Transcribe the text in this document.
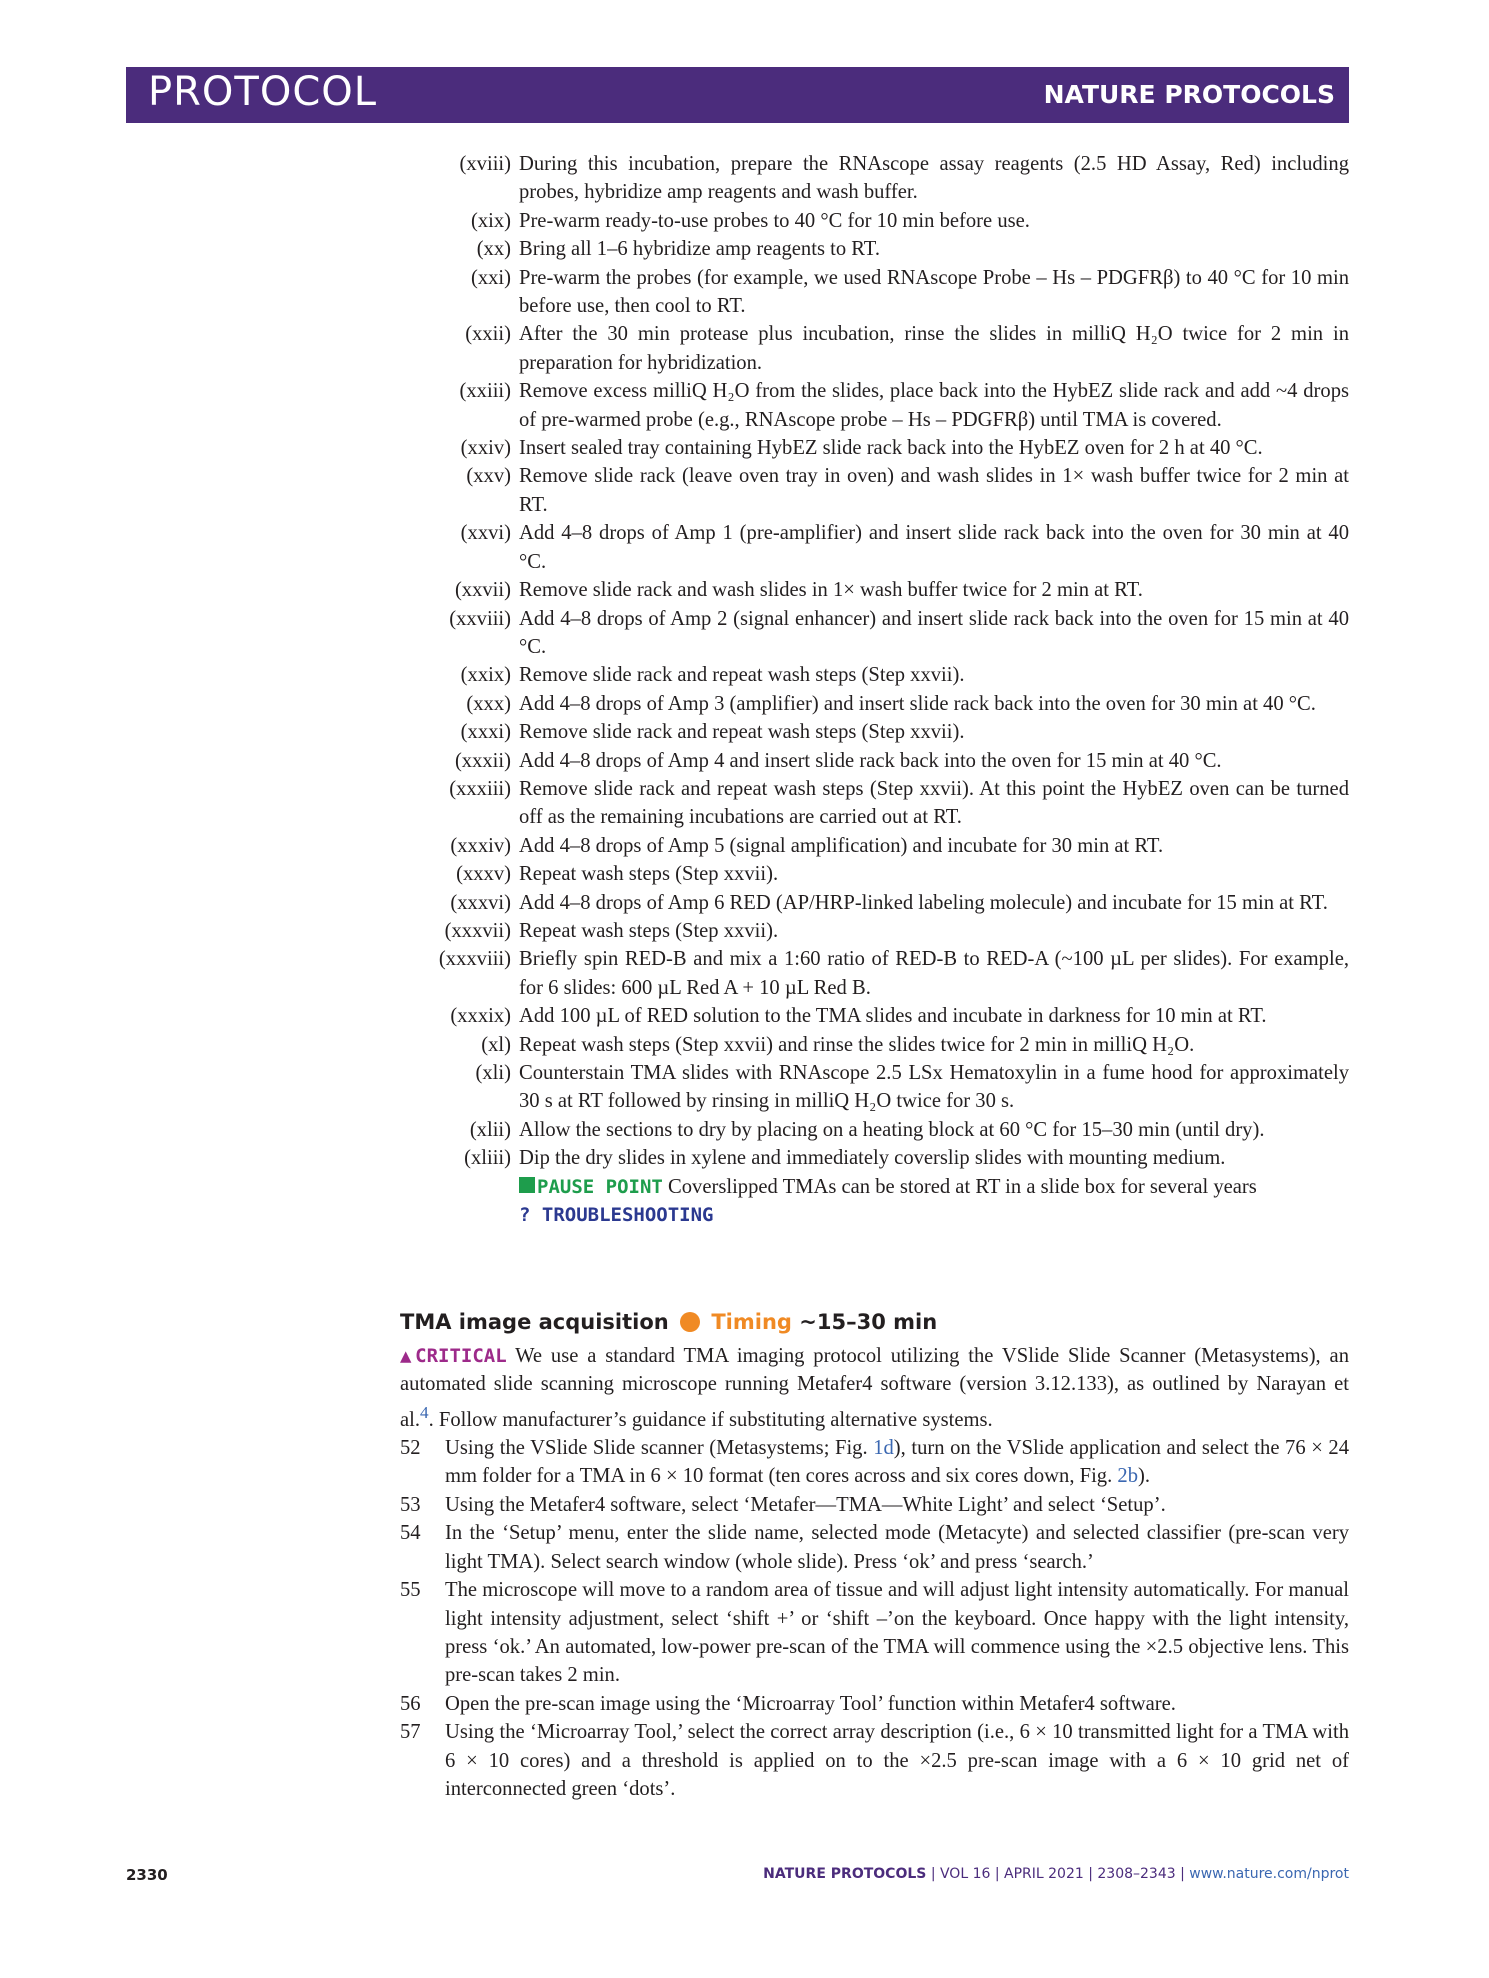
PROTOCOL	NATURE PROTOCOLS
(xviii) During this incubation, prepare the RNAscope assay reagents (2.5 HD Assay, Red) including probes, hybridize amp reagents and wash buffer.
(xix) Pre-warm ready-to-use probes to 40 °C for 10 min before use.
(xx) Bring all 1–6 hybridize amp reagents to RT.
(xxi) Pre-warm the probes (for example, we used RNAscope Probe – Hs – PDGFRβ) to 40 °C for 10 min before use, then cool to RT.
(xxii) After the 30 min protease plus incubation, rinse the slides in milliQ H₂O twice for 2 min in preparation for hybridization.
(xxiii) Remove excess milliQ H₂O from the slides, place back into the HybEZ slide rack and add ~4 drops of pre-warmed probe (e.g., RNAscope probe – Hs – PDGFRβ) until TMA is covered.
(xxiv) Insert sealed tray containing HybEZ slide rack back into the HybEZ oven for 2 h at 40 °C.
(xxv) Remove slide rack (leave oven tray in oven) and wash slides in 1× wash buffer twice for 2 min at RT.
(xxvi) Add 4–8 drops of Amp 1 (pre-amplifier) and insert slide rack back into the oven for 30 min at 40 °C.
(xxvii) Remove slide rack and wash slides in 1× wash buffer twice for 2 min at RT.
(xxviii) Add 4–8 drops of Amp 2 (signal enhancer) and insert slide rack back into the oven for 15 min at 40 °C.
(xxix) Remove slide rack and repeat wash steps (Step xxvii).
(xxx) Add 4–8 drops of Amp 3 (amplifier) and insert slide rack back into the oven for 30 min at 40 °C.
(xxxi) Remove slide rack and repeat wash steps (Step xxvii).
(xxxii) Add 4–8 drops of Amp 4 and insert slide rack back into the oven for 15 min at 40 °C.
(xxxiii) Remove slide rack and repeat wash steps (Step xxvii). At this point the HybEZ oven can be turned off as the remaining incubations are carried out at RT.
(xxxiv) Add 4–8 drops of Amp 5 (signal amplification) and incubate for 30 min at RT.
(xxxv) Repeat wash steps (Step xxvii).
(xxxvi) Add 4–8 drops of Amp 6 RED (AP/HRP-linked labeling molecule) and incubate for 15 min at RT.
(xxxvii) Repeat wash steps (Step xxvii).
(xxxviii) Briefly spin RED-B and mix a 1:60 ratio of RED-B to RED-A (~100 µL per slides). For example, for 6 slides: 600 µL Red A + 10 µL Red B.
(xxxix) Add 100 µL of RED solution to the TMA slides and incubate in darkness for 10 min at RT.
(xl) Repeat wash steps (Step xxvii) and rinse the slides twice for 2 min in milliQ H₂O.
(xli) Counterstain TMA slides with RNAscope 2.5 LSx Hematoxylin in a fume hood for approximately 30 s at RT followed by rinsing in milliQ H₂O twice for 30 s.
(xlii) Allow the sections to dry by placing on a heating block at 60 °C for 15–30 min (until dry).
(xliii) Dip the dry slides in xylene and immediately coverslip slides with mounting medium.
PAUSE POINT Coverslipped TMAs can be stored at RT in a slide box for several years
? TROUBLESHOOTING
TMA image acquisition Timing ~15–30 min

▲CRITICAL We use a standard TMA imaging protocol utilizing the VSlide Slide Scanner (Metasystems), an automated slide scanning microscope running Metafer4 software (version 3.12.133), as outlined by Narayan et al.$^4$. Follow manufacturer’s guidance if substituting alternative systems.

52 Using the VSlide Slide scanner (Metasystems; Fig. 1d), turn on the VSlide application and select the 76 × 24 mm folder for a TMA in 6 × 10 format (ten cores across and six cores down, Fig. 2b).
53 Using the Metafer4 software, select ‘Metafer—TMA—White Light’ and select ‘Setup’.
54 In the ‘Setup’ menu, enter the slide name, selected mode (Metacyte) and selected classifier (pre-scan very light TMA). Select search window (whole slide). Press ‘ok’ and press ‘search.’
55 The microscope will move to a random area of tissue and will adjust light intensity automatically. For manual light intensity adjustment, select ‘shift +’ or ‘shift –’on the keyboard. Once happy with the light intensity, press ‘ok.’ An automated, low-power pre-scan of the TMA will commence using the ×2.5 objective lens. This pre-scan takes 2 min.
56 Open the pre-scan image using the ‘Microarray Tool’ function within Metafer4 software.
57 Using the ‘Microarray Tool,’ select the correct array description (i.e., 6 × 10 transmitted light for a TMA with 6 × 10 cores) and a threshold is applied on to the ×2.5 pre-scan image with a 6 × 10 grid net of interconnected green ‘dots’.
2330	NATURE PROTOCOLS | VOL 16 | APRIL 2021 | 2308–2343 | www.nature.com/nprot
